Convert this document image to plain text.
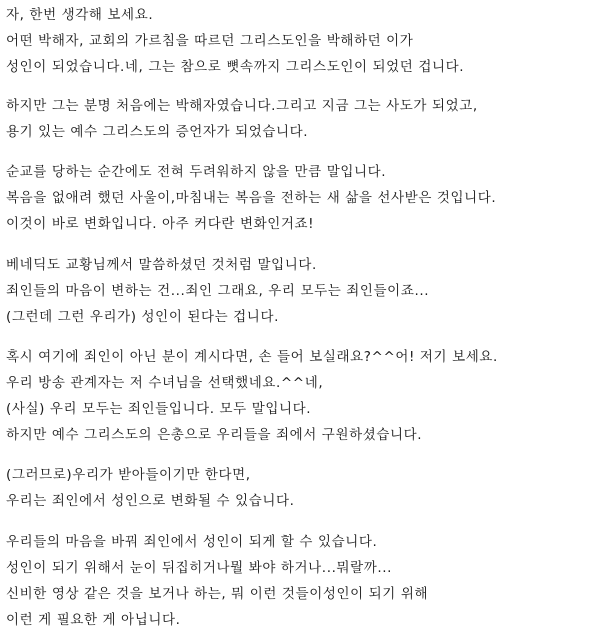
자, 한번 생각해 보세요.
어떤 박해자, 교회의 가르침을 따르던 그리스도인을 박해하던 이가
성인이 되었습니다.네, 그는 참으로 뼛속까지 그리스도인이 되었던 겁니다.
하지만 그는 분명 처음에는 박해자였습니다.그리고 지금 그는 사도가 되었고,
용기 있는 예수 그리스도의 증언자가 되었습니다.
순교를 당하는 순간에도 전혀 두려워하지 않을 만큼 말입니다.
복음을 없애려 했던 사울이,마침내는 복음을 전하는 새 삶을 선사받은 것입니다.
이것이 바로 변화입니다. 아주 커다란 변화인거죠!
베네딕도 교황님께서 말씀하셨던 것처럼 말입니다.
죄인들의 마음이 변하는 건...죄인 그래요, 우리 모두는 죄인들이죠...
(그런데 그런 우리가) 성인이 된다는 겁니다.
혹시 여기에 죄인이 아닌 분이 계시다면, 손 들어 보실래요?^^어! 저기 보세요.
우리 방송 관계자는 저 수녀님을 선택했네요.^^네,
(사실) 우리 모두는 죄인들입니다. 모두 말입니다.
하지만 예수 그리스도의 은총으로 우리들을 죄에서 구원하셨습니다.
(그러므로)우리가 받아들이기만 한다면,
우리는 죄인에서 성인으로 변화될 수 있습니다.
우리들의 마음을 바꿔 죄인에서 성인이 되게 할 수 있습니다.
성인이 되기 위해서 눈이 뒤집히거나뭘 봐야 하거나...뭐랄까...
신비한 영상 같은 것을 보거나 하는, 뭐 이런 것들이성인이 되기 위해
이런 게 필요한 게 아닙니다.
